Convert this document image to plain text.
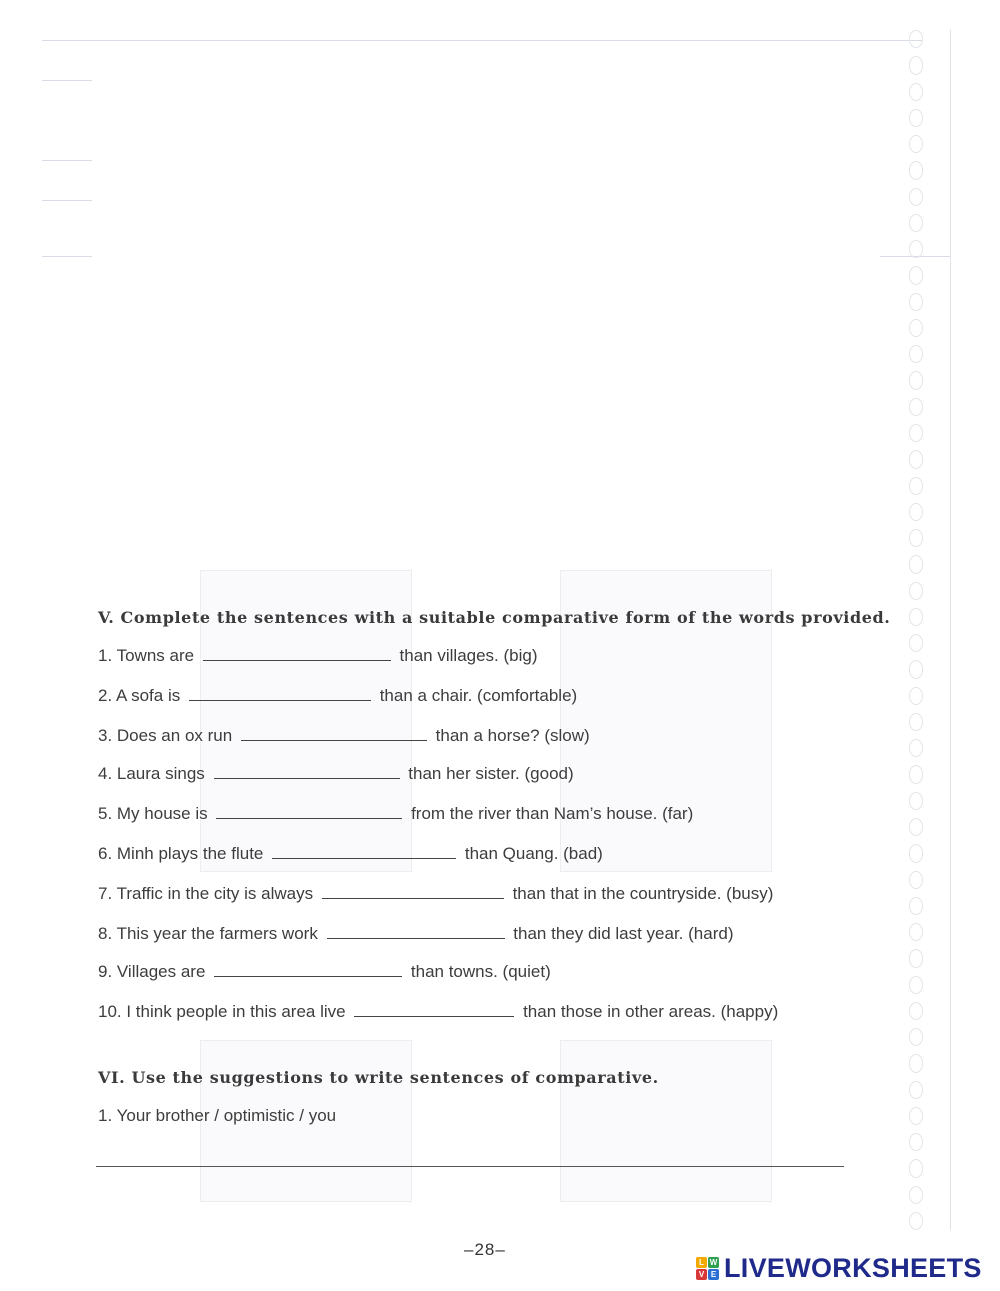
V. Complete the sentences with a suitable comparative form of the words provided.
1. Towns are	than villages. (big)
2. A sofa is	than a chair. (comfortable)
3. Does an ox run	than a horse? (slow)
4. Laura sings	than her sister. (good)
5. My house is	from the river than Nam’s house. (far)
6. Minh plays the flute	than Quang. (bad)
7. Traffic in the city is always	than that in the countryside. (busy)
8. This year the farmers work	than they did last year. (hard)
9. Villages are	than towns. (quiet)
10. I think people in this area live	than those in other areas. (happy)
VI. Use the suggestions to write sentences of comparative.
1. Your brother / optimistic / you
–28–
L W
V E LIVEWORKSHEETS
